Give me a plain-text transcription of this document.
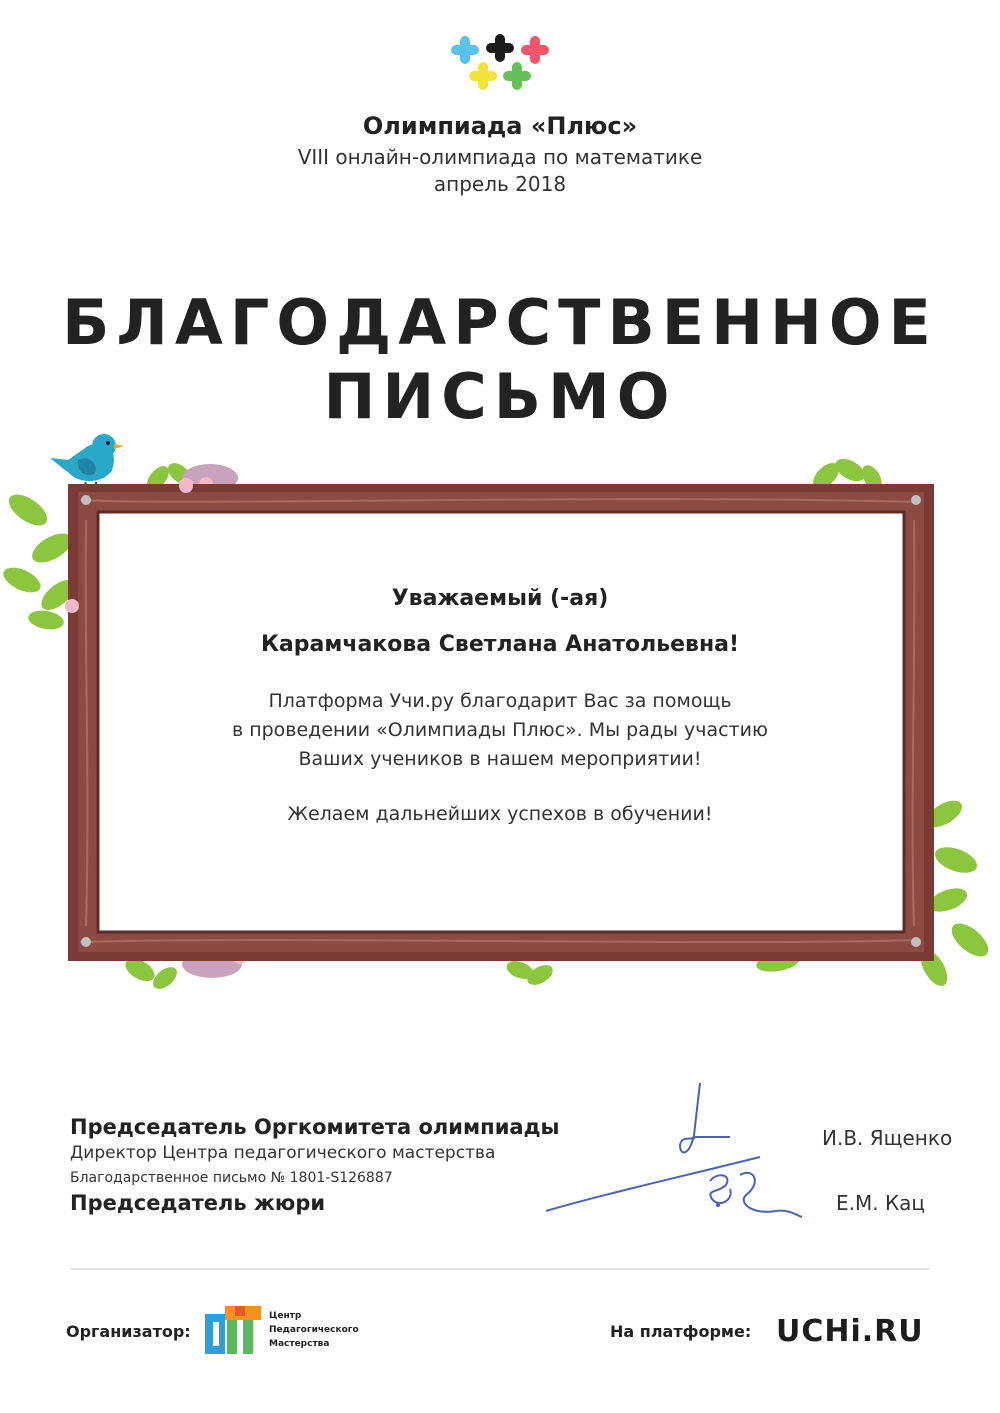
Олимпиада «Плюс»
VIII онлайн-олимпиада по математике
апрель 2018
БЛАГОДАРСТВЕННОЕ
ПИСЬМО
Уважаемый (-ая)
Карамчакова Светлана Анатольевна!
Платформа Учи.ру благодарит Вас за помощь
в проведении «Олимпиады Плюс». Мы рады участию
Ваших учеников в нашем мероприятии!
Желаем дальнейших успехов в обучении!
Председатель Оргкомитета олимпиады
Директор Центра педагогического мастерства
Благодарственное письмо № 1801-S126887
Председатель жюри
И.В. Ященко
Е.М. Кац
Организатор:
Центр
Педагогического
Мастерства
На платформе: UCHi.RU
